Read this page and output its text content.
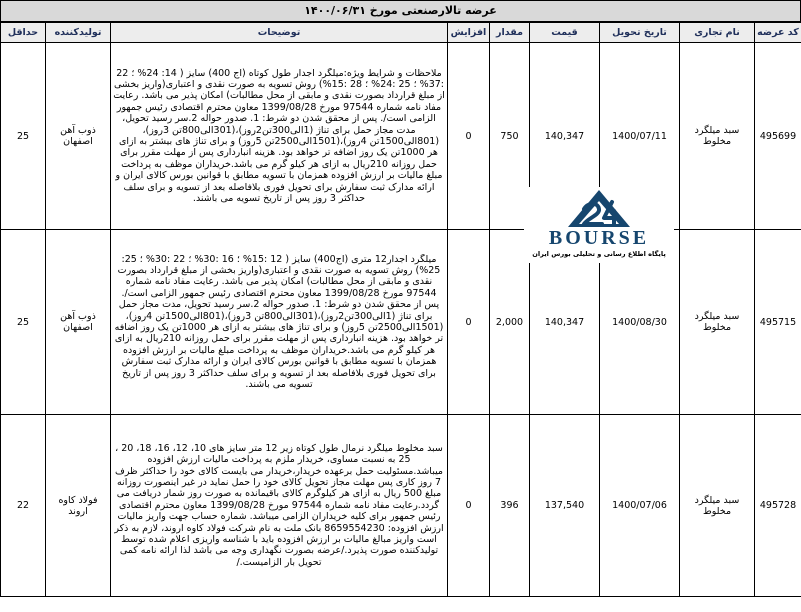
عرضه تالارصنعتی مورخ ۱۴۰۰/۰۶/۳۱
کد عرضه	نام تجاری	تاریخ تحویل	قیمت	مقدار	افزایش	توضیحات	تولیدکننده	حداقل
495699	سبد میلگرد مخلوط	1400/07/11	140,347	750	0	ملاحظات و شرایط ویژه:میلگرد آجدار طول کوتاه (آج 400) سایز ( 14: 24% ؛ 22 :37% ؛ 25 :24% ؛ 28 :15%) روش تسویه به صورت نقدی و اعتباری(واریز بخشی از مبلغ قرارداد بصورت نقدی و مابقی از محل مطالبات) امکان پذیر می باشد. رعایت مفاد نامه شماره 97544 مورخ 1399/08/28 معاون محترم اقتصادی رئیس جمهور الزامی است/. پس از محقق شدن دو شرط: 1. صدور حواله 2.سر رسید تحویل، مدت مجاز حمل برای تناژ (1الی300تن2روز)،(301الی800تن 3روز)،(801الی1500تن 4روز)،(1501الی2500تن 5روز) و برای تناژ های بیشتر به ازای هر 1000تن یک روز اضافه تر خواهد بود. هزینه انبارداری پس از مهلت مقرر برای حمل روزانه 210ریال به ازای هر کیلو گرم می باشد.خریداران موظف به پرداخت مبلغ مالیات بر ارزش افزوده همزمان با تسویه مطابق با قوانین بورس کالای ایران و ارائه مدارک ثبت سفارش برای تحویل فوری بلافاصله بعد از تسویه و برای سلف حداکثر 3 روز پس از تاریخ تسویه می باشند.	ذوب آهن اصفهان	25
495715	سبد میلگرد مخلوط	1400/08/30	140,347	2,000	0	میلگرد آجدار12 متری (آج400) سایز ( 12 :15% ؛ 16 :30% ؛ 22 :30% ؛ 25: 25%) روش تسویه به صورت نقدی و اعتباری(واریز بخشی از مبلغ قرارداد بصورت نقدی و مابقی از محل مطالبات) امکان پذیر می باشد. رعایت مفاد نامه شماره 97544 مورخ 1399/08/28 معاون محترم اقتصادی رئیس جمهور الزامی است/. پس از محقق شدن دو شرط: 1. صدور حواله 2.سر رسید تحویل، مدت مجاز حمل برای تناژ (1الی300تن2روز)،(301الی800تن 3روز)،(801الی1500تن 4روز)،(1501الی2500تن 5روز) و برای تناژ های بیشتر به ازای هر 1000تن یک روز اضافه تر خواهد بود. هزینه انبارداری پس از مهلت مقرر برای حمل روزانه 210ریال به ازای هر کیلو گرم می باشد.خریداران موظف به پرداخت مبلغ مالیات بر ارزش افزوده همزمان با تسویه مطابق با قوانین بورس کالای ایران و ارائه مدارک ثبت سفارش برای تحویل فوری بلافاصله بعد از تسویه و برای سلف حداکثر 3 روز پس از تاریخ تسویه می باشند.	ذوب آهن اصفهان	25
495728	سبد میلگرد مخلوط	1400/07/06	137,540	396	0	سبد مخلوط میلگرد نرمال طول کوتاه زیر 12 متر سایز های 10، 12، 16، 18، 20 ، 25 به نسبت مساوی، خریدار ملزم به پرداخت مالیات ارزش افزوده میباشد.مسئولیت حمل برعهده خریدار،خریدار می بایست کالای خود را حداکثر ظرف 7 روز کاری پس مهلت مجاز تحویل کالای خود را حمل نماید در غیر اینصورت روزانه مبلغ 500 ریال به ازای هر کیلوگرم کالای باقیمانده به صورت روز شمار دریافت می گردد.رعایت مفاد نامه شماره 97544 مورخ 1399/08/28 معاون محترم اقتصادی رئیس جمهور برای کلیه خریداران الزامی میباشد. شماره حساب جهت واریز مالیات ارزش افزوده: 8659554230 بانک ملت به نام شرکت فولاد کاوه اروند، لازم به ذکر است واریز مبالغ مالیات بر ارزش افزوده باید با شناسه واریزی اعلام شده توسط تولیدکننده صورت پذیرد./عرضه بصورت نگهداری وجه می باشد لذا ارائه نامه کمی تحویل بار الزامیست./	فولاد کاوه اروند	22
BOURSE
پایگاه اطلاع رسانی و تحلیلی بورس ایران
